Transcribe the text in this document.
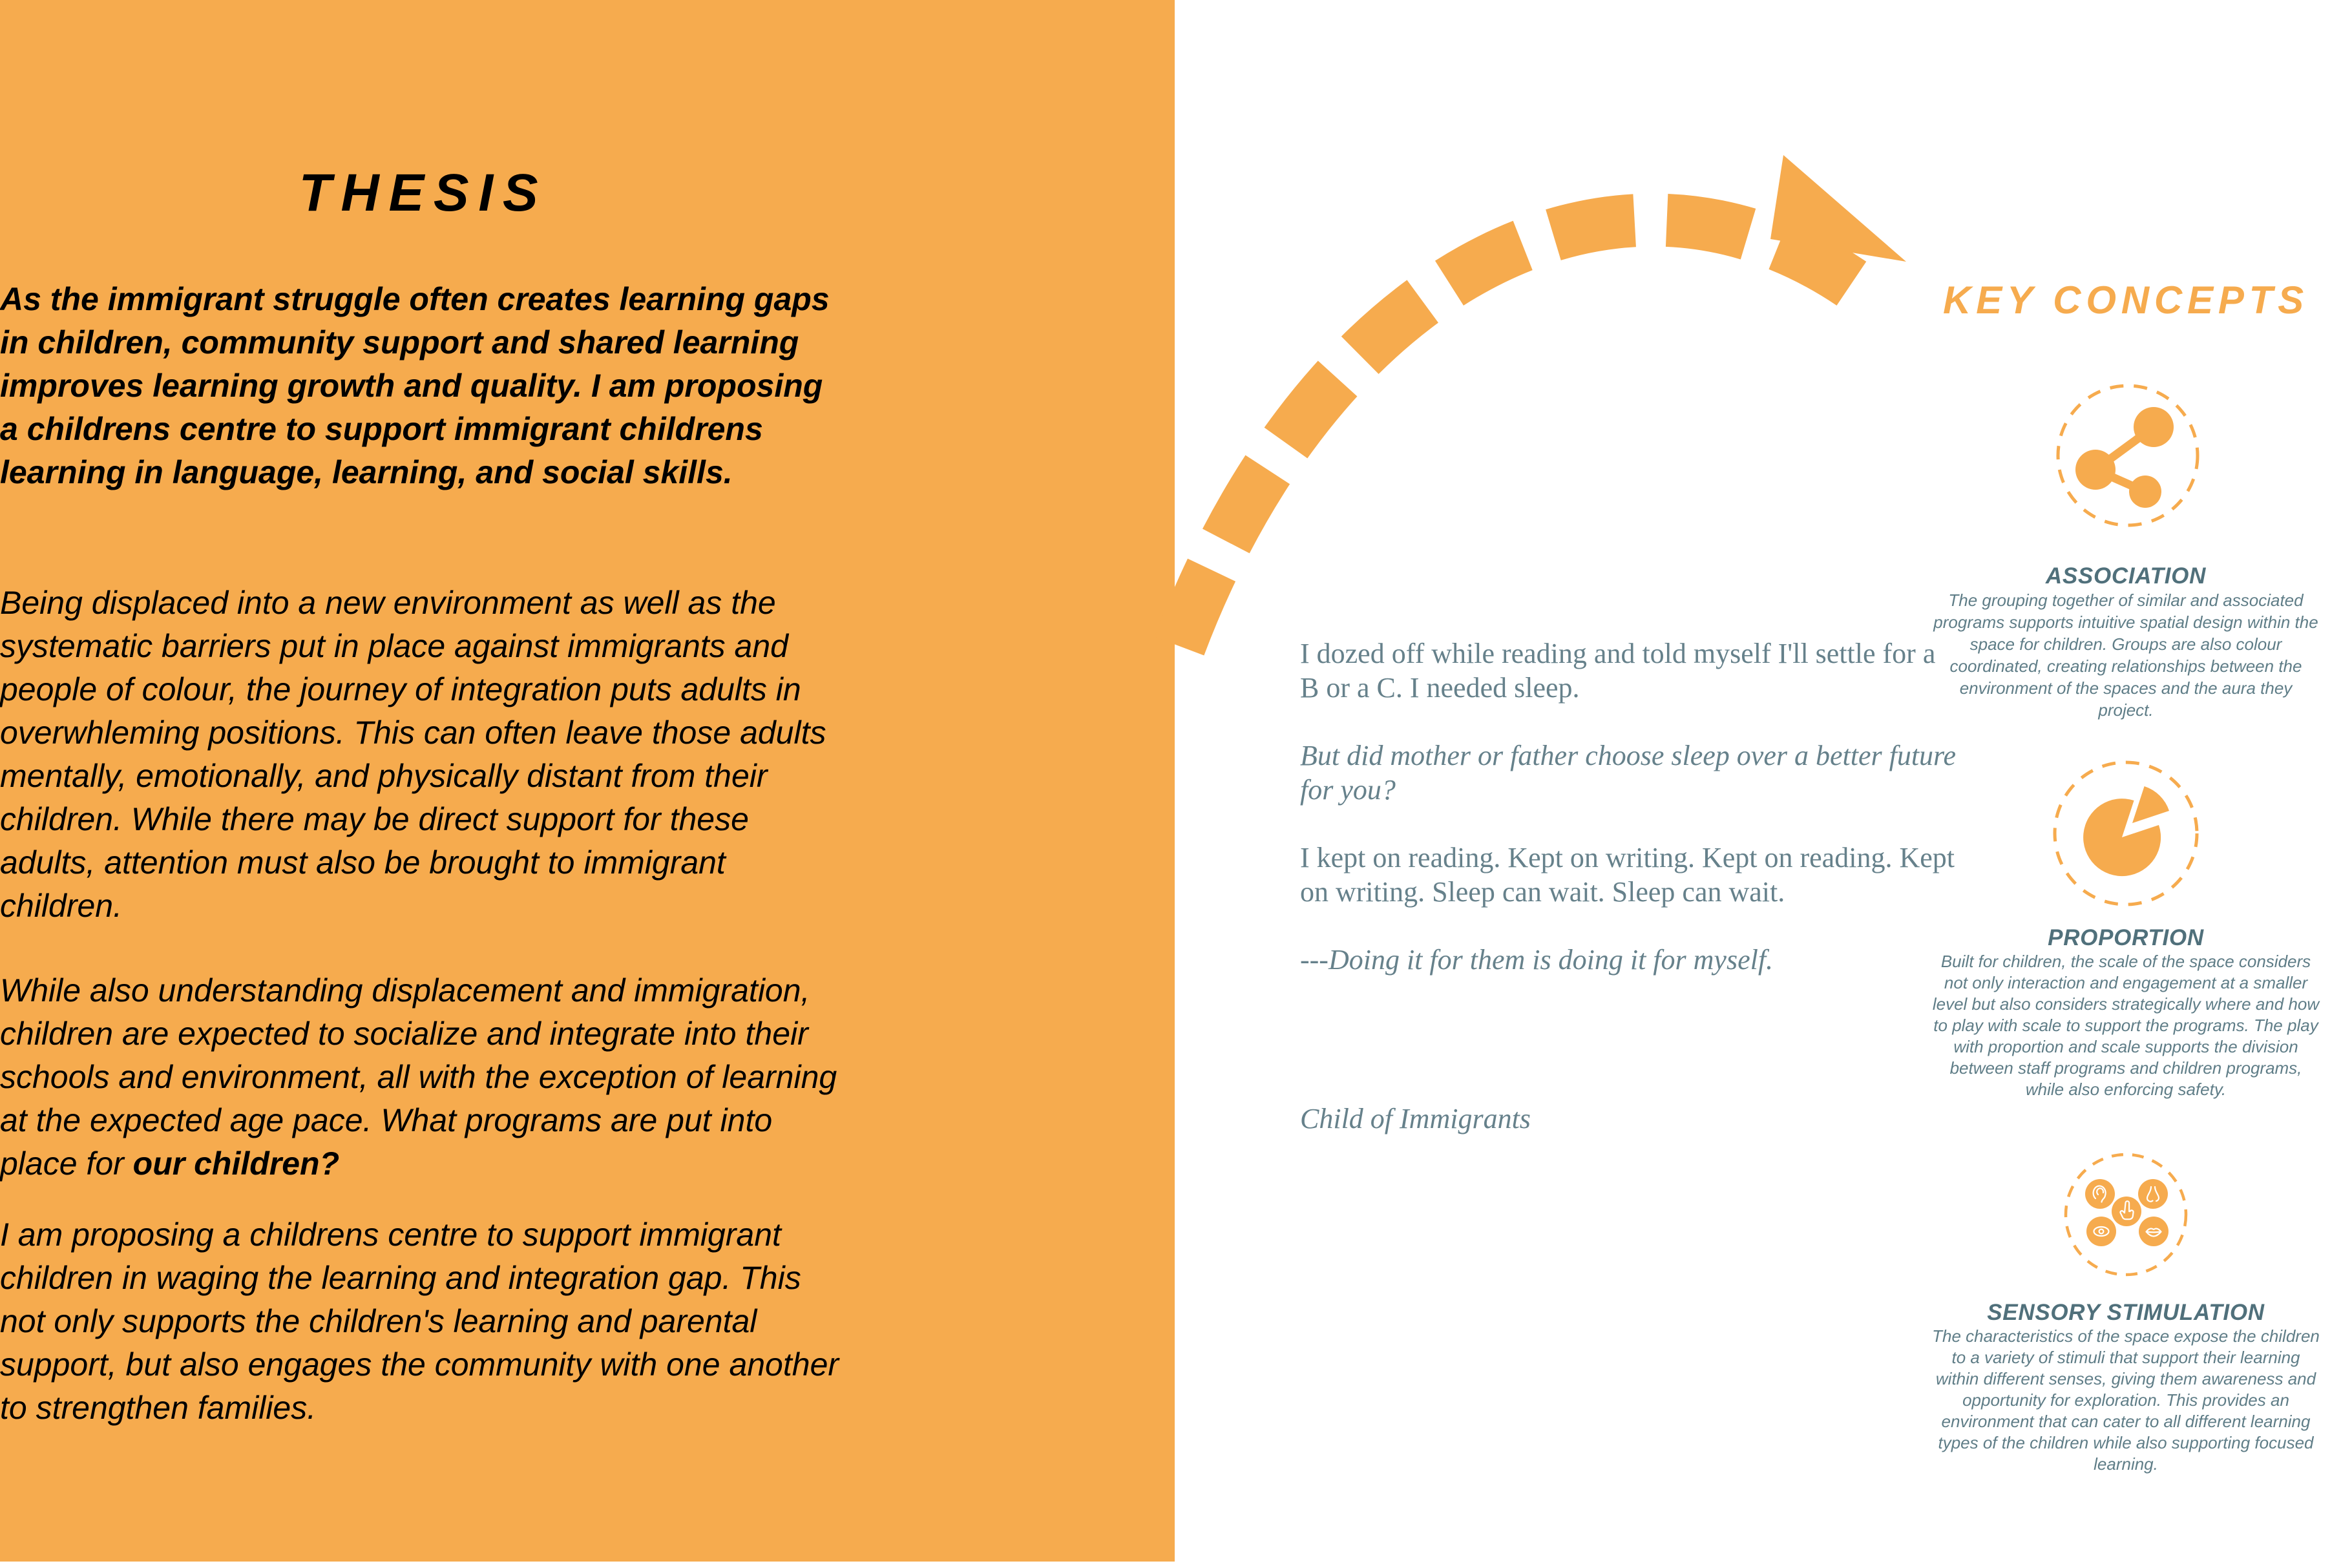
THESIS

As the immigrant struggle often creates learning gaps in children, community support and shared learning improves learning growth and quality. I am proposing a childrens centre to support immigrant childrens learning in language, learning, and social skills.

Being displaced into a new environment as well as the systematic barriers put in place against immigrants and people of colour, the journey of integration puts adults in overwhleming positions. This can often leave those adults mentally, emotionally, and physically distant from their children. While there may be direct support for these adults, attention must also be brought to immigrant children.

While also understanding displacement and immigration, children are expected to socialize and integrate into their schools and environment, all with the exception of learning at the expected age pace. What programs are put into place for our children?

I am proposing a childrens centre to support immigrant children in waging the learning and integration gap. This not only supports the children's learning and parental support, but also engages the community with one another to strengthen families.

I dozed off while reading and told myself I'll settle for a B or a C. I needed sleep.

But did mother or father choose sleep over a better future for you?

I kept on reading. Kept on writing. Kept on reading. Kept on writing. Sleep can wait. Sleep can wait.

---Doing it for them is doing it for myself.

Child of Immigrants

KEY CONCEPTS
ASSOCIATION
The grouping together of similar and associated programs supports intuitive spatial design within the space for children. Groups are also colour coordinated, creating relationships between the environment of the spaces and the aura they project.
PROPORTION
Built for children, the scale of the space considers not only interaction and engagement at a smaller level but also considers strategically where and how to play with scale to support the programs. The play with proportion and scale supports the division between staff programs and children programs, while also enforcing safety.
SENSORY STIMULATION
The characteristics of the space expose the children to a variety of stimuli that support their learning within different senses, giving them awareness and opportunity for exploration. This provides an environment that can cater to all different learning types of the children while also supporting focused learning.
